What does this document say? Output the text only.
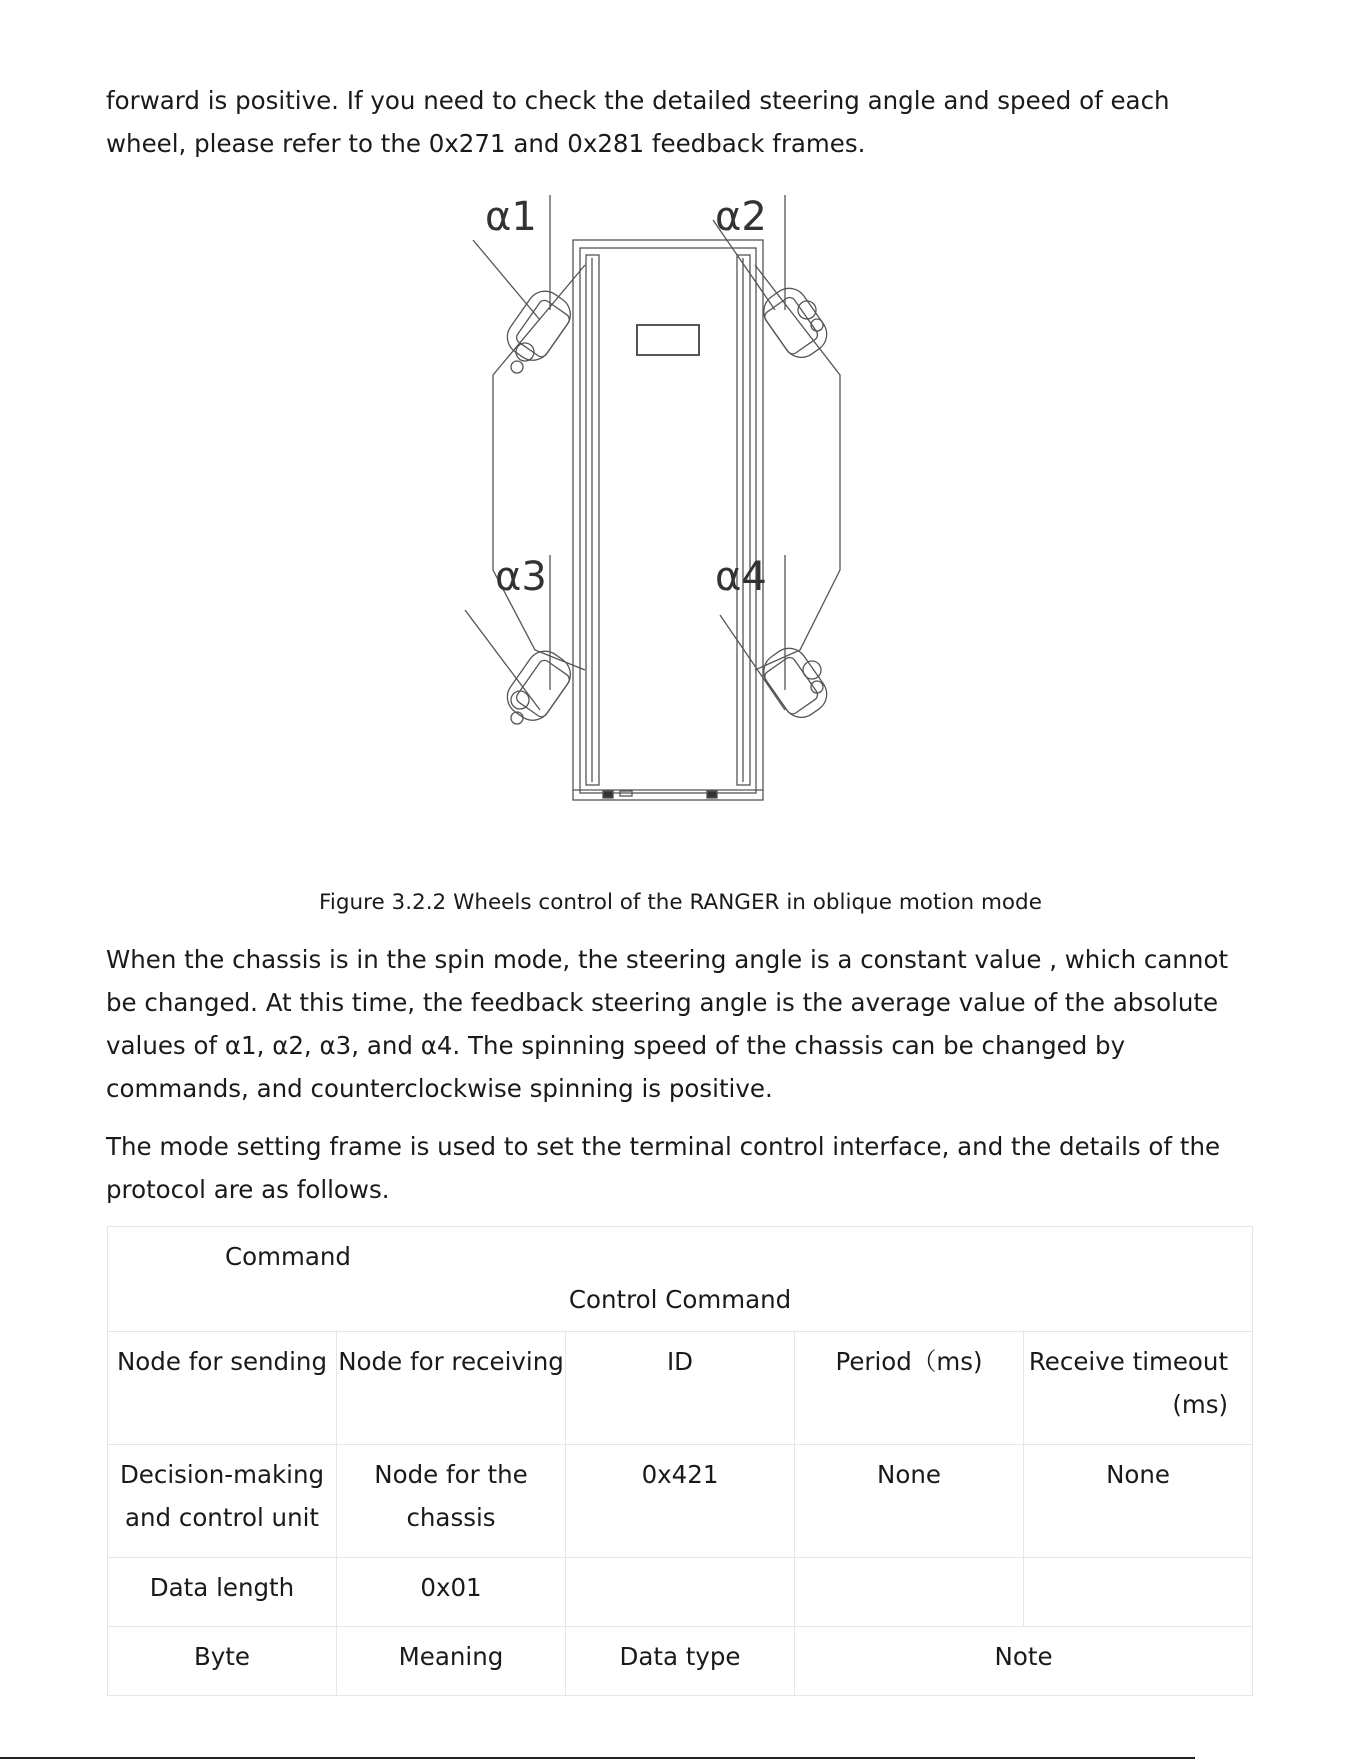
forward is positive. If you need to check the detailed steering angle and speed of each wheel, please refer to the 0x271 and 0x281 feedback frames.

α1	α2
α3	α4
Figure 3.2.2 Wheels control of the RANGER in oblique motion mode

When the chassis is in the spin mode, the steering angle is a constant value , which cannot be changed. At this time, the feedback steering angle is the average value of the absolute values of α1, α2, α3, and α4. The spinning speed of the chassis can be changed by commands, and counterclockwise spinning is positive.

The mode setting frame is used to set the terminal control interface, and the details of the protocol are as follows.

Command
Control Command				

Node for sending	Node for receiving	ID	Period（ms)	Receive timeout (ms)
Decision-making and control unit	Node for the chassis	0x421	None	None
Data length	0x01			
Byte	Meaning	Data type	Note	
